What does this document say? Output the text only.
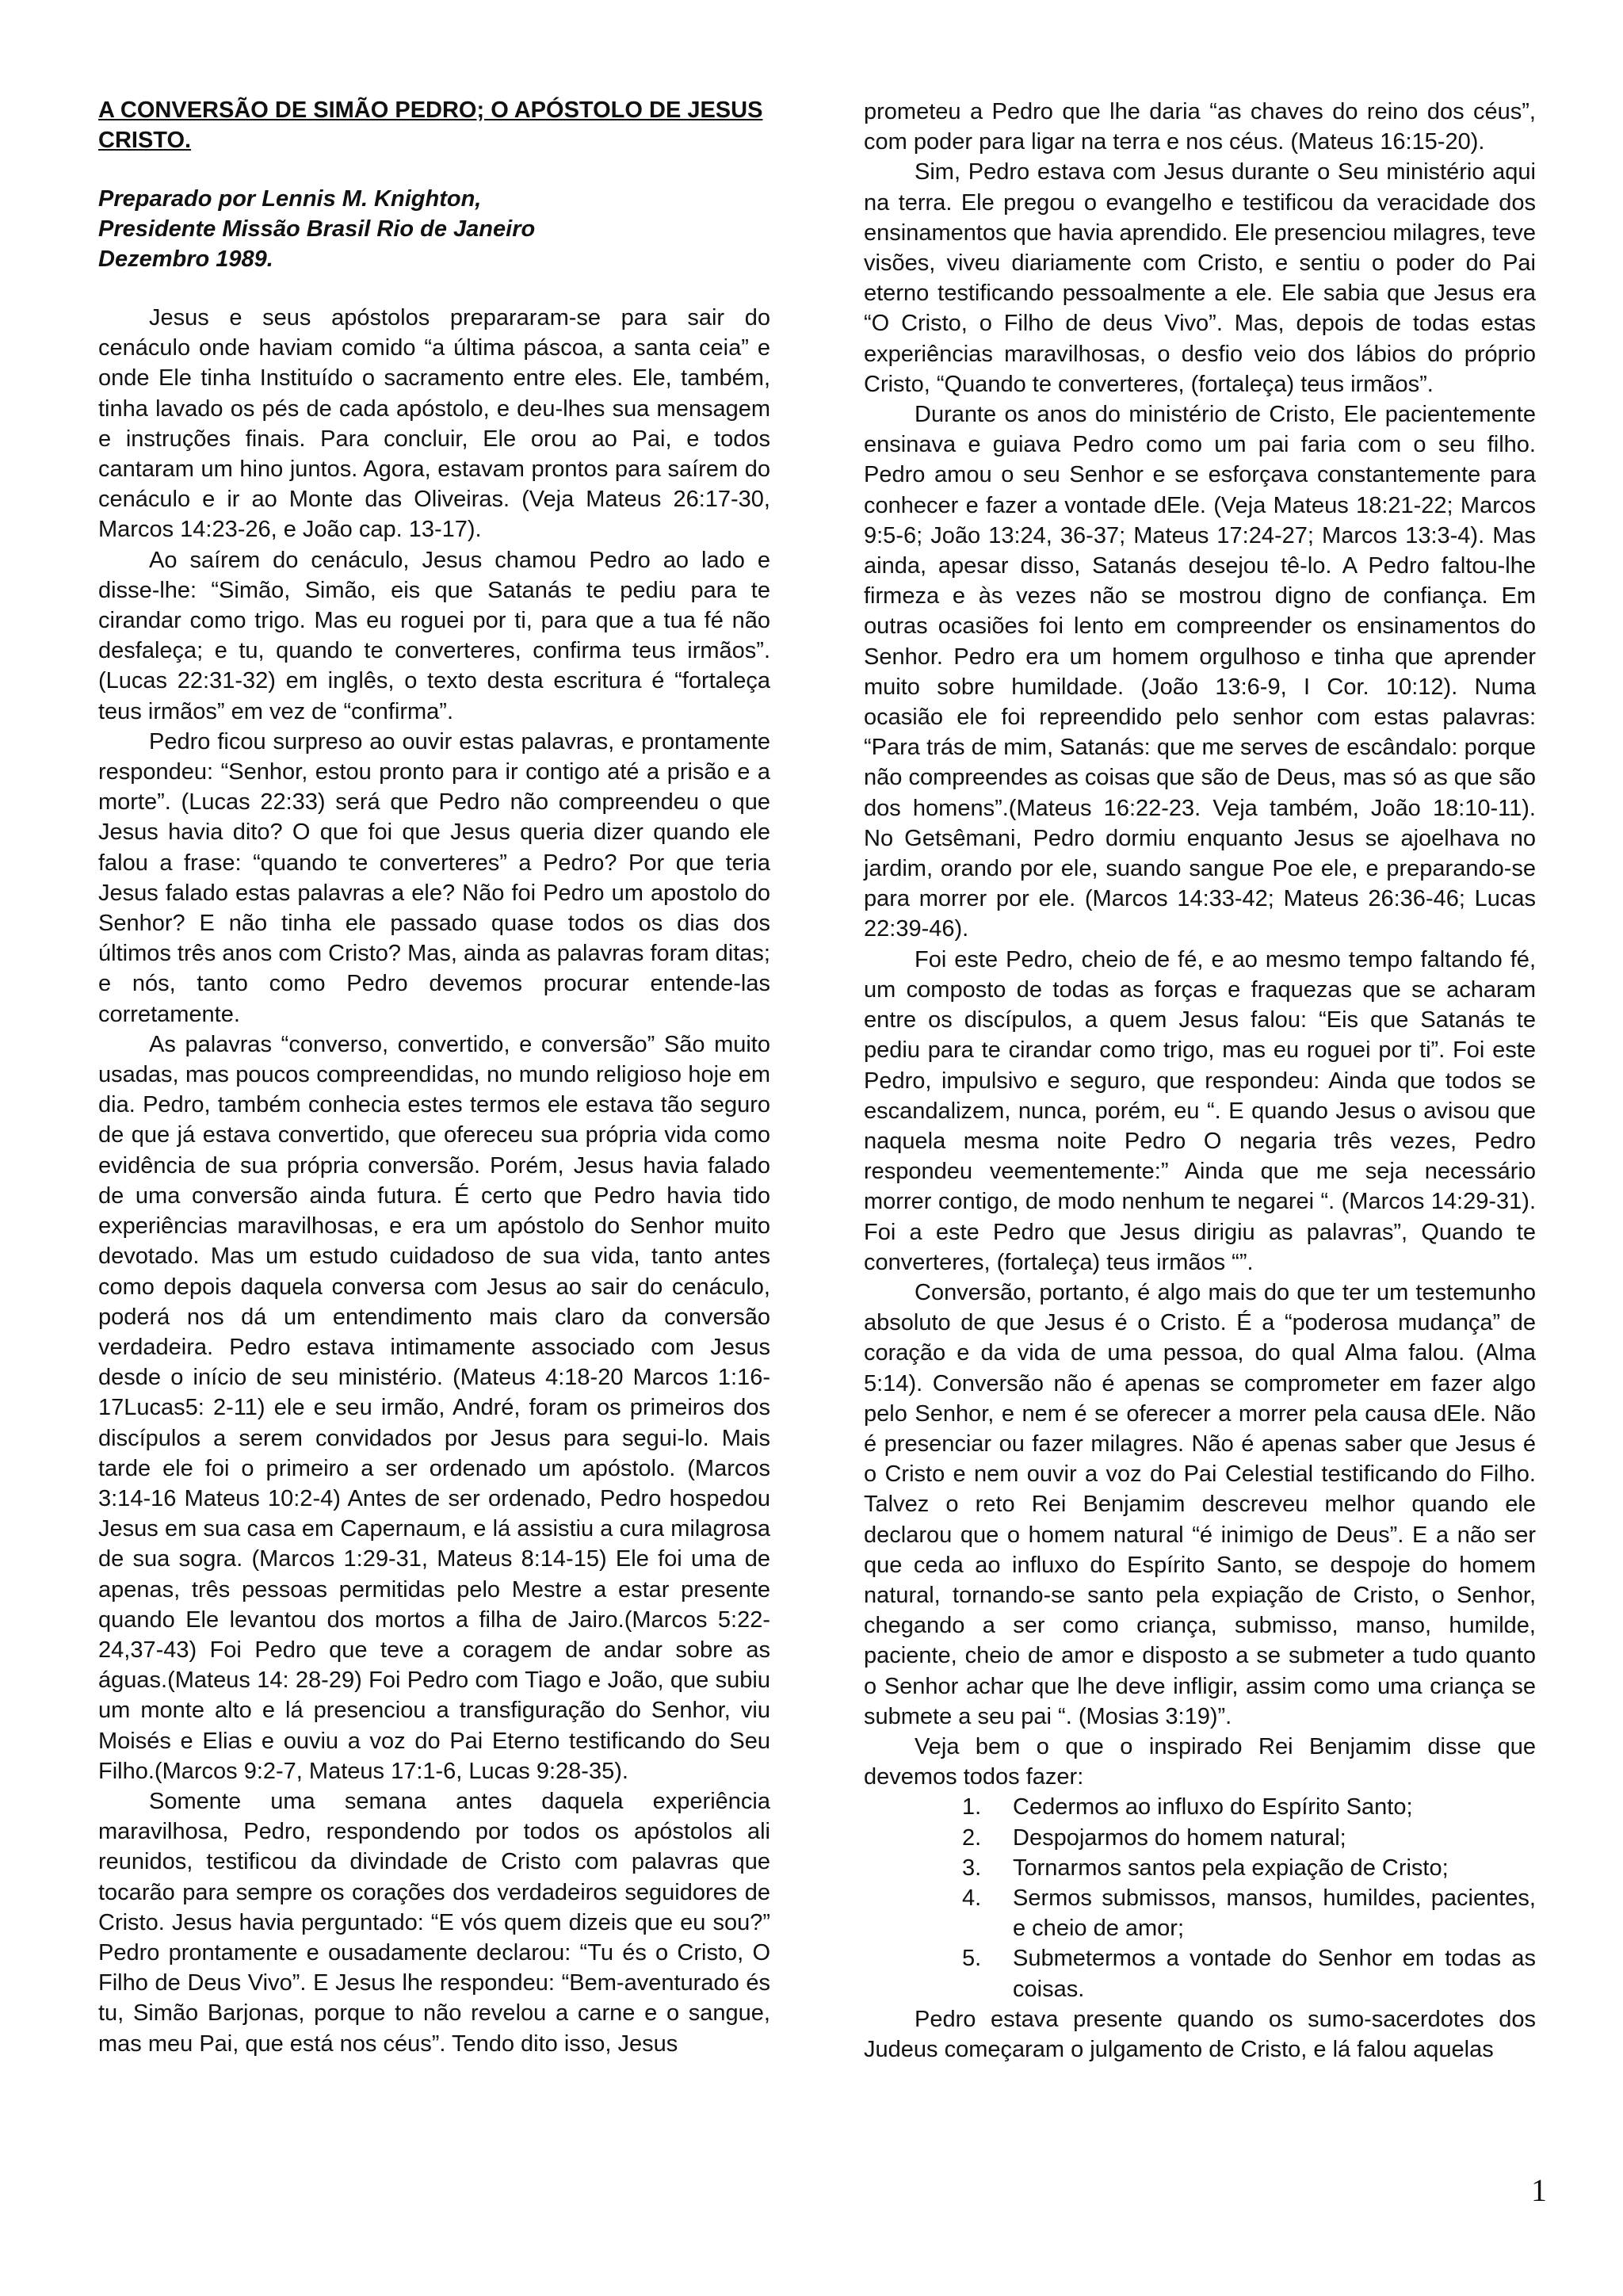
A CONVERSÃO DE SIMÃO PEDRO; O APÓSTOLO DE JESUS CRISTO.
Preparado por Lennis M. Knighton,
Presidente Missão Brasil Rio de Janeiro
Dezembro 1989.

Jesus e seus apóstolos prepararam-se para sair do cenáculo onde haviam comido “a última páscoa, a santa ceia” e onde Ele tinha Instituído o sacramento entre eles. Ele, também, tinha lavado os pés de cada apóstolo, e deu-lhes sua mensagem e instruções finais. Para concluir, Ele orou ao Pai, e todos cantaram um hino juntos. Agora, estavam prontos para saírem do cenáculo e ir ao Monte das Oliveiras. (Veja Mateus 26:17-30, Marcos 14:23-26, e João cap. 13-17).

Ao saírem do cenáculo, Jesus chamou Pedro ao lado e disse-lhe: “Simão, Simão, eis que Satanás te pediu para te cirandar como trigo. Mas eu roguei por ti, para que a tua fé não desfaleça; e tu, quando te converteres, confirma teus irmãos”.(Lucas 22:31-32) em inglês, o texto desta escritura é “fortaleça teus irmãos” em vez de “confirma”.

Pedro ficou surpreso ao ouvir estas palavras, e prontamente respondeu: “Senhor, estou pronto para ir contigo até a prisão e a morte”. (Lucas 22:33) será que Pedro não compreendeu o que Jesus havia dito? O que foi que Jesus queria dizer quando ele falou a frase: “quando te converteres” a Pedro? Por que teria Jesus falado estas palavras a ele? Não foi Pedro um apostolo do Senhor? E não tinha ele passado quase todos os dias dos últimos três anos com Cristo? Mas, ainda as palavras foram ditas; e nós, tanto como Pedro devemos procurar entende-las corretamente.

As palavras “converso, convertido, e conversão” São muito usadas, mas poucos compreendidas, no mundo religioso hoje em dia. Pedro, também conhecia estes termos ele estava tão seguro de que já estava convertido, que ofereceu sua própria vida como evidência de sua própria conversão. Porém, Jesus havia falado de uma conversão ainda futura. É certo que Pedro havia tido experiências maravilhosas, e era um apóstolo do Senhor muito devotado. Mas um estudo cuidadoso de sua vida, tanto antes como depois daquela conversa com Jesus ao sair do cenáculo, poderá nos dá um entendimento mais claro da conversão verdadeira. Pedro estava intimamente associado com Jesus desde o início de seu ministério. (Mateus 4:18-20 Marcos 1:16-17Lucas5: 2-11) ele e seu irmão, André, foram os primeiros dos discípulos a serem convidados por Jesus para segui-lo. Mais tarde ele foi o primeiro a ser ordenado um apóstolo. (Marcos 3:14-16 Mateus 10:2-4) Antes de ser ordenado, Pedro hospedou Jesus em sua casa em Capernaum, e lá assistiu a cura milagrosa de sua sogra. (Marcos 1:29-31, Mateus 8:14-15) Ele foi uma de apenas, três pessoas permitidas pelo Mestre a estar presente quando Ele levantou dos mortos a filha de Jairo.(Marcos 5:22-24,37-43) Foi Pedro que teve a coragem de andar sobre as águas.(Mateus 14: 28-29) Foi Pedro com Tiago e João, que subiu um monte alto e lá presenciou a transfiguração do Senhor, viu Moisés e Elias e ouviu a voz do Pai Eterno testificando do Seu Filho.(Marcos 9:2-7, Mateus 17:1-6, Lucas 9:28-35).

Somente uma semana antes daquela experiência maravilhosa, Pedro, respondendo por todos os apóstolos ali reunidos, testificou da divindade de Cristo com palavras que tocarão para sempre os corações dos verdadeiros seguidores de Cristo. Jesus havia perguntado: “E vós quem dizeis que eu sou?” Pedro prontamente e ousadamente declarou: “Tu és o Cristo, O Filho de Deus Vivo”. E Jesus lhe respondeu: “Bem-aventurado és tu, Simão Barjonas, porque to não revelou a carne e o sangue, mas meu Pai, que está nos céus”. Tendo dito isso, Jesus

prometeu a Pedro que lhe daria “as chaves do reino dos céus”, com poder para ligar na terra e nos céus. (Mateus 16:15-20).

Sim, Pedro estava com Jesus durante o Seu ministério aqui na terra. Ele pregou o evangelho e testificou da veracidade dos ensinamentos que havia aprendido. Ele presenciou milagres, teve visões, viveu diariamente com Cristo, e sentiu o poder do Pai eterno testificando pessoalmente a ele. Ele sabia que Jesus era “O Cristo, o Filho de deus Vivo”. Mas, depois de todas estas experiências maravilhosas, o desfio veio dos lábios do próprio Cristo, “Quando te converteres, (fortaleça) teus irmãos”.

Durante os anos do ministério de Cristo, Ele pacientemente ensinava e guiava Pedro como um pai faria com o seu filho. Pedro amou o seu Senhor e se esforçava constantemente para conhecer e fazer a vontade dEle. (Veja Mateus 18:21-22; Marcos 9:5-6; João 13:24, 36-37; Mateus 17:24-27; Marcos 13:3-4). Mas ainda, apesar disso, Satanás desejou tê-lo. A Pedro faltou-lhe firmeza e às vezes não se mostrou digno de confiança. Em outras ocasiões foi lento em compreender os ensinamentos do Senhor. Pedro era um homem orgulhoso e tinha que aprender muito sobre humildade. (João 13:6-9, I Cor. 10:12). Numa ocasião ele foi repreendido pelo senhor com estas palavras: “Para trás de mim, Satanás: que me serves de escândalo: porque não compreendes as coisas que são de Deus, mas só as que são dos homens”.(Mateus 16:22-23. Veja também, João 18:10-11). No Getsêmani, Pedro dormiu enquanto Jesus se ajoelhava no jardim, orando por ele, suando sangue Poe ele, e preparando-se para morrer por ele. (Marcos 14:33-42; Mateus 26:36-46; Lucas 22:39-46).

Foi este Pedro, cheio de fé, e ao mesmo tempo faltando fé, um composto de todas as forças e fraquezas que se acharam entre os discípulos, a quem Jesus falou: “Eis que Satanás te pediu para te cirandar como trigo, mas eu roguei por ti”. Foi este Pedro, impulsivo e seguro, que respondeu: Ainda que todos se escandalizem, nunca, porém, eu “. E quando Jesus o avisou que naquela mesma noite Pedro O negaria três vezes, Pedro respondeu veementemente:” Ainda que me seja necessário morrer contigo, de modo nenhum te negarei “. (Marcos 14:29-31). Foi a este Pedro que Jesus dirigiu as palavras”, Quando te converteres, (fortaleça) teus irmãos “”.

Conversão, portanto, é algo mais do que ter um testemunho absoluto de que Jesus é o Cristo. É a “poderosa mudança” de coração e da vida de uma pessoa, do qual Alma falou. (Alma 5:14). Conversão não é apenas se comprometer em fazer algo pelo Senhor, e nem é se oferecer a morrer pela causa dEle. Não é presenciar ou fazer milagres. Não é apenas saber que Jesus é o Cristo e nem ouvir a voz do Pai Celestial testificando do Filho. Talvez o reto Rei Benjamim descreveu melhor quando ele declarou que o homem natural “é inimigo de Deus”. E a não ser que ceda ao influxo do Espírito Santo, se despoje do homem natural, tornando-se santo pela expiação de Cristo, o Senhor, chegando a ser como criança, submisso, manso, humilde, paciente, cheio de amor e disposto a se submeter a tudo quanto o Senhor achar que lhe deve infligir, assim como uma criança se submete a seu pai “. (Mosias 3:19)”.

Veja bem o que o inspirado Rei Benjamim disse que devemos todos fazer:

1. Cedermos ao influxo do Espírito Santo;
2. Despojarmos do homem natural;
3. Tornarmos santos pela expiação de Cristo;
4. Sermos submissos, mansos, humildes, pacientes, e cheio de amor;
5. Submetermos a vontade do Senhor em todas as coisas.

Pedro estava presente quando os sumo-sacerdotes dos Judeus começaram o julgamento de Cristo, e lá falou aquelas

1
